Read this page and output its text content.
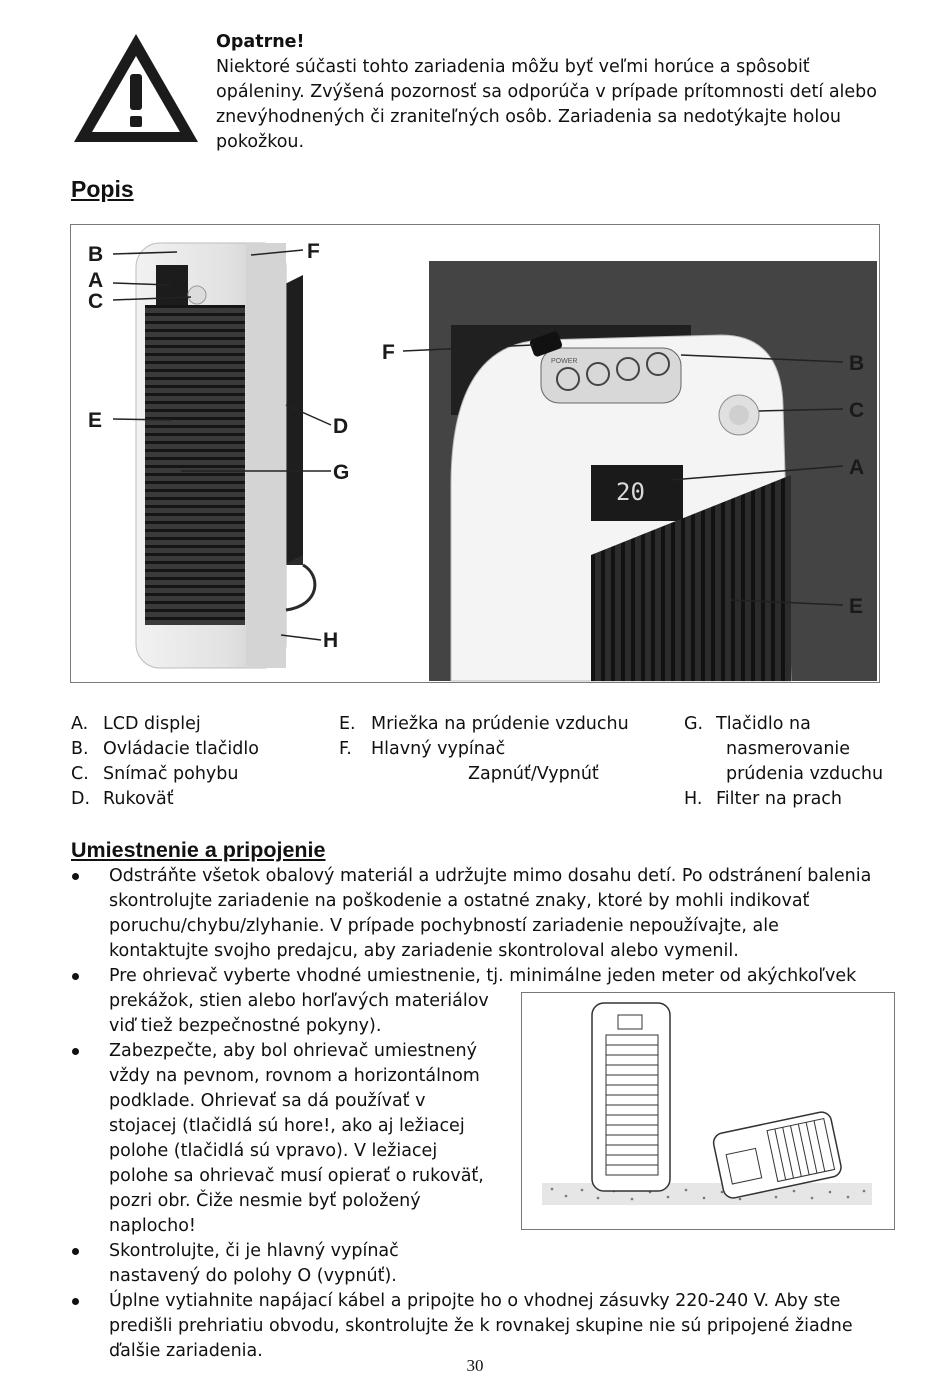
Opatrne!
Niektoré súčasti tohto zariadenia môžu byť veľmi horúce a spôsobiť opáleniny. Zvýšená pozornosť sa odporúča v prípade prítomnosti detí alebo znevýhodnených či zraniteľných osôb. Zariadenia sa nedotýkajte holou pokožkou.
Popis
POWER
20
B
A
C
E
F
D
G
H
F	B
C
A
E
A. LCD displej
B. Ovládacie tlačidlo
C. Snímač pohybu
D. Rukoväť
E. Mriežka na prúdenie vzduchu
F. Hlavný vypínač
Zapnúť/Vypnúť
G. Tlačidlo na
nasmerovanie
prúdenia vzduchu
H. Filter na prach
Umiestnenie a pripojenie
Odstráňte všetok obalový materiál a udržujte mimo dosahu detí. Po odstránení balenia skontrolujte zariadenie na poškodenie a ostatné znaky, ktoré by mohli indikovať poruchu/chybu/zlyhanie. V prípade pochybností zariadenie nepoužívajte, ale kontaktujte svojho predajcu, aby zariadenie skontroloval alebo vymenil.
Pre ohrievač vyberte vhodné umiestnenie, tj. minimálne jeden meter od akýchkoľvek
prekážok, stien alebo horľavých materiálov viď tiež bezpečnostné pokyny).
Zabezpečte, aby bol ohrievač umiestnený vždy na pevnom, rovnom a horizontálnom podklade. Ohrievať sa dá používať v stojacej (tlačidlá sú hore!, ako aj ležiacej polohe (tlačidlá sú vpravo). V ležiacej polohe sa ohrievač musí opierať o rukoväť, pozri obr. Čiže nesmie byť položený naplocho!
Skontrolujte, či je hlavný vypínač nastavený do polohy O (vypnúť).
Úplne vytiahnite napájací kábel a pripojte ho o vhodnej zásuvky 220-240 V. Aby ste predišli prehriatiu obvodu, skontrolujte že k rovnakej skupine nie sú pripojené žiadne ďalšie zariadenia.
30
